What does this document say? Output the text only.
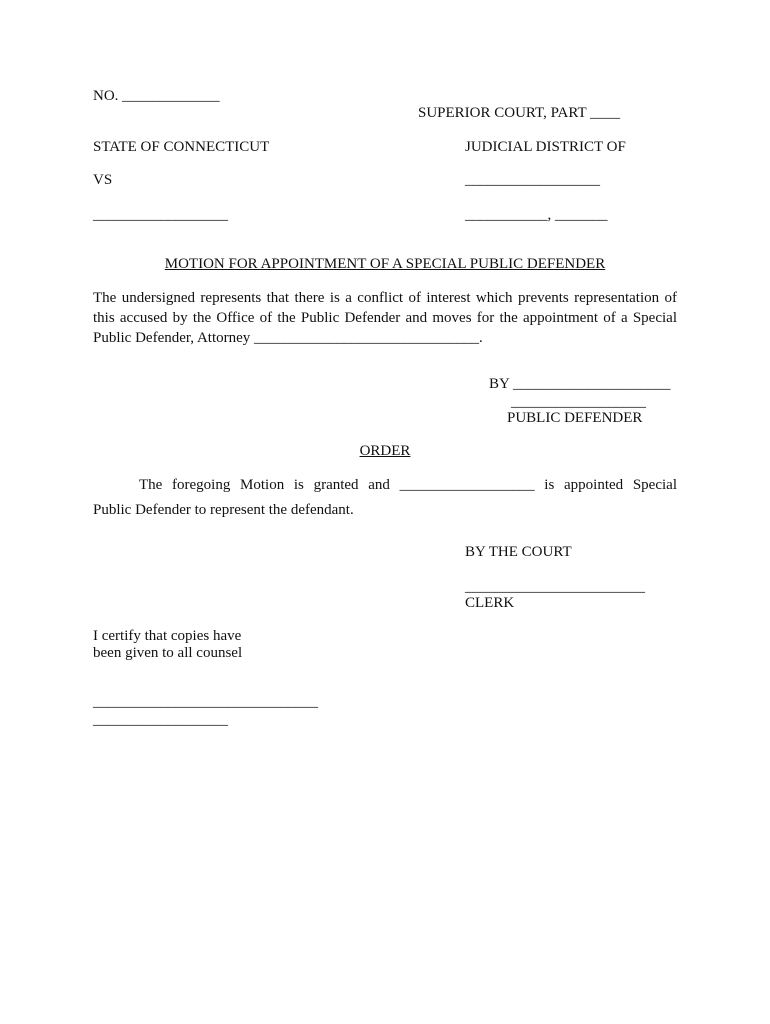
NO. _____________
SUPERIOR COURT, PART ____
STATE OF CONNECTICUT	JUDICIAL DISTRICT OF
VS	__________________
__________________	___________, _______
MOTION FOR APPOINTMENT OF A SPECIAL PUBLIC DEFENDER
The undersigned represents that there is a conflict of interest which prevents representation of this accused by the Office of the Public Defender and moves for the appointment of a Special Public Defender, Attorney ______________________________.
BY _____________________
__________________
PUBLIC DEFENDER
ORDER
The foregoing Motion is granted and __________________ is appointed Special
Public Defender to represent the defendant.
BY THE COURT
________________________
CLERK
I certify that copies have
been given to all counsel
______________________________
__________________
